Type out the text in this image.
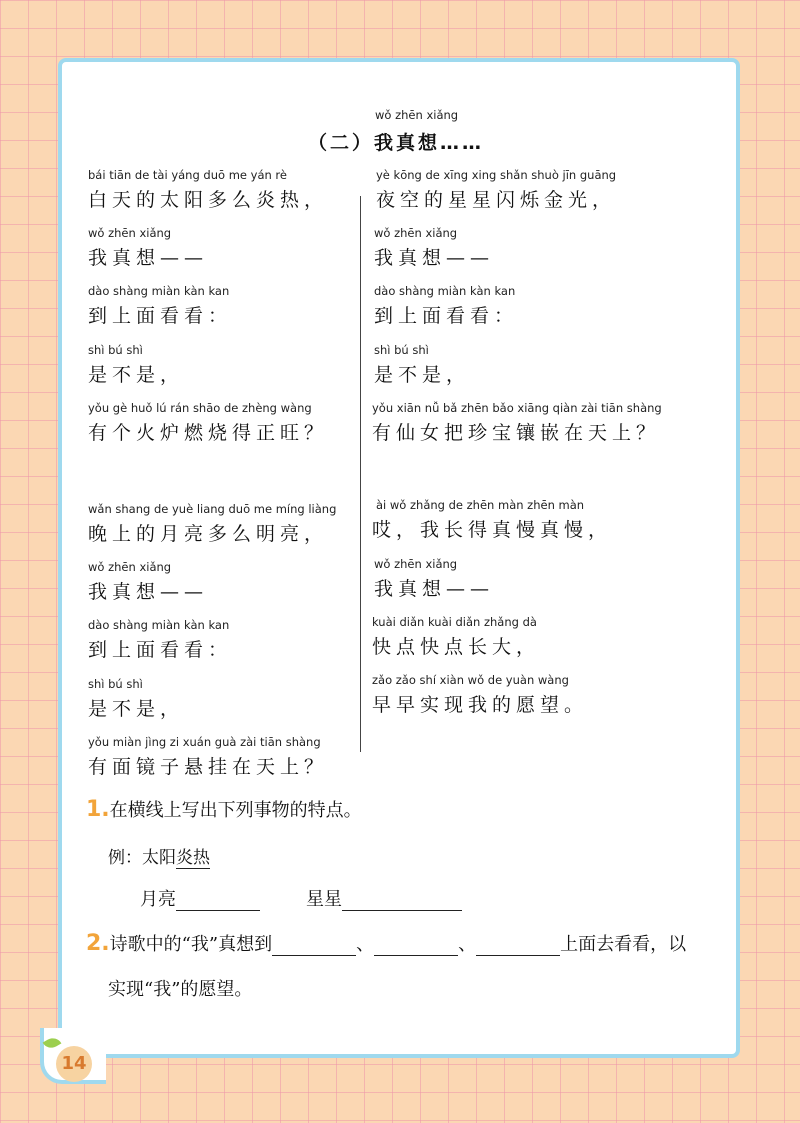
14
wǒ zhēn xiǎng
（二）我真想……
bái tiān de tài yáng duō me yán rè
白天的太阳多么炎热，
wǒ zhēn xiǎng
我真想——
dào shàng miàn kàn kan
到上面看看：
shì bú shì
是不是，
yǒu gè huǒ lú rán shāo de zhèng wàng
有个火炉燃烧得正旺？
wǎn shang de yuè liang duō me míng liàng
晚上的月亮多么明亮，
wǒ zhēn xiǎng
我真想——
dào shàng miàn kàn kan
到上面看看：
shì bú shì
是不是，
yǒu miàn jìng zi xuán guà zài tiān shàng
有面镜子悬挂在天上？
yè kōng de xīng xing shǎn shuò jīn guāng
夜空的星星闪烁金光，
wǒ zhēn xiǎng
我真想——
dào shàng miàn kàn kan
到上面看看：
shì bú shì
是不是，
yǒu xiān nǚ bǎ zhēn bǎo xiāng qiàn zài tiān shàng
有仙女把珍宝镶嵌在天上？
ài wǒ zhǎng de zhēn màn zhēn màn
哎，我长得真慢真慢，
wǒ zhēn xiǎng
我真想——
kuài diǎn kuài diǎn zhǎng dà
快点快点长大，
zǎo zǎo shí xiàn wǒ de yuàn wàng
早早实现我的愿望。
1.在横线上写出下列事物的特点。
例：太阳炎热
月亮	星星
2.诗歌中的“我”真想到	、	、	上面去看看，以
实现“我”的愿望。
